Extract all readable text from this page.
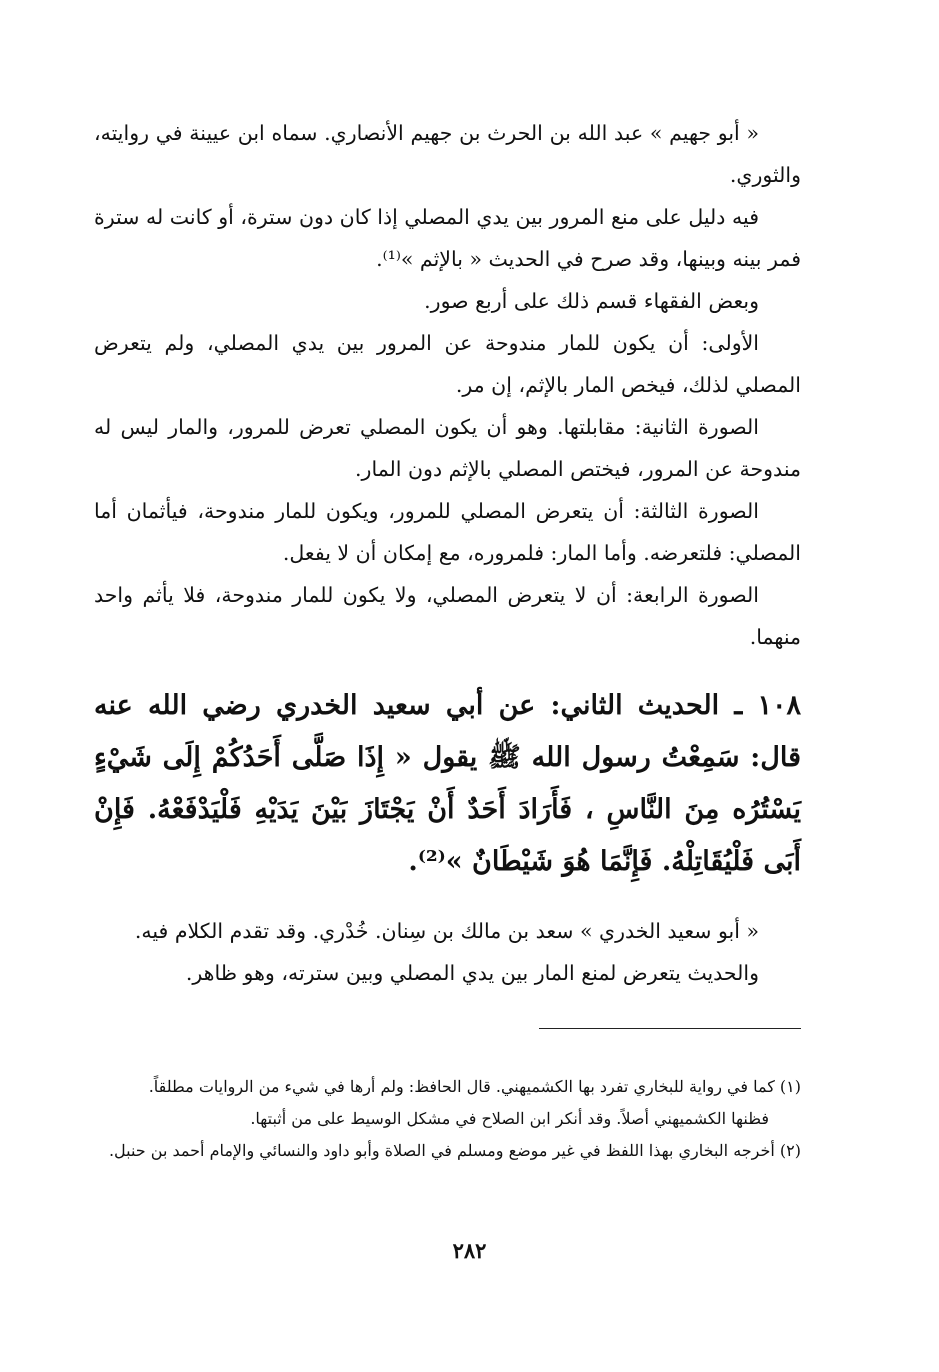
« أبو جهيم » عبد الله بن الحرث بن جهيم الأنصاري. سماه ابن عيينة في روايته، والثوري.

فيه دليل على منع المرور بين يدي المصلي إذا كان دون سترة، أو كانت له سترة فمر بينه وبينها، وقد صرح في الحديث « بالإثم »⁽¹⁾.

وبعض الفقهاء قسم ذلك على أربع صور.

الأولى: أن يكون للمار مندوحة عن المرور بين يدي المصلي، ولم يتعرض المصلي لذلك، فيخص المار بالإثم، إن مر.

الصورة الثانية: مقابلتها. وهو أن يكون المصلي تعرض للمرور، والمار ليس له مندوحة عن المرور، فيختص المصلي بالإثم دون المار.

الصورة الثالثة: أن يتعرض المصلي للمرور، ويكون للمار مندوحة، فيأثمان أما المصلي: فلتعرضه. وأما المار: فلمروره، مع إمكان أن لا يفعل.

الصورة الرابعة: أن لا يتعرض المصلي، ولا يكون للمار مندوحة، فلا يأثم واحد منهما.

١٠٨ ـ الحديث الثاني: عن أبي سعيد الخدري رضي الله عنه قال: سَمِعْتُ رسول الله ﷺ يقول « إِذَا صَلَّى أَحَدُكُمْ إِلَى شَيْءٍ يَسْتُرُه مِنَ النَّاسِ ، فَأَرَادَ أَحَدٌ أَنْ يَجْتَازَ بَيْنَ يَدَيْهِ فَلْيَدْفَعْهُ. فَإِنْ أَبَى فَلْيُقَاتِلْهُ. فَإِنَّمَا هُوَ شَيْطَانٌ »⁽²⁾.

« أبو سعيد الخدري » سعد بن مالك بن سِنان. خُدْري. وقد تقدم الكلام فيه.

والحديث يتعرض لمنع المار بين يدي المصلي وبين سترته، وهو ظاهر.

(١) كما في رواية للبخاري تفرد بها الكشميهني. قال الحافظ: ولم أرها في شيء من الروايات مطلقاً.

فظنها الكشميهني أصلاً. وقد أنكر ابن الصلاح في مشكل الوسيط على من أثبتها.

(٢) أخرجه البخاري بهذا اللفظ في غير موضع ومسلم في الصلاة وأبو داود والنسائي والإمام أحمد بن حنبل.

٢٨٢
